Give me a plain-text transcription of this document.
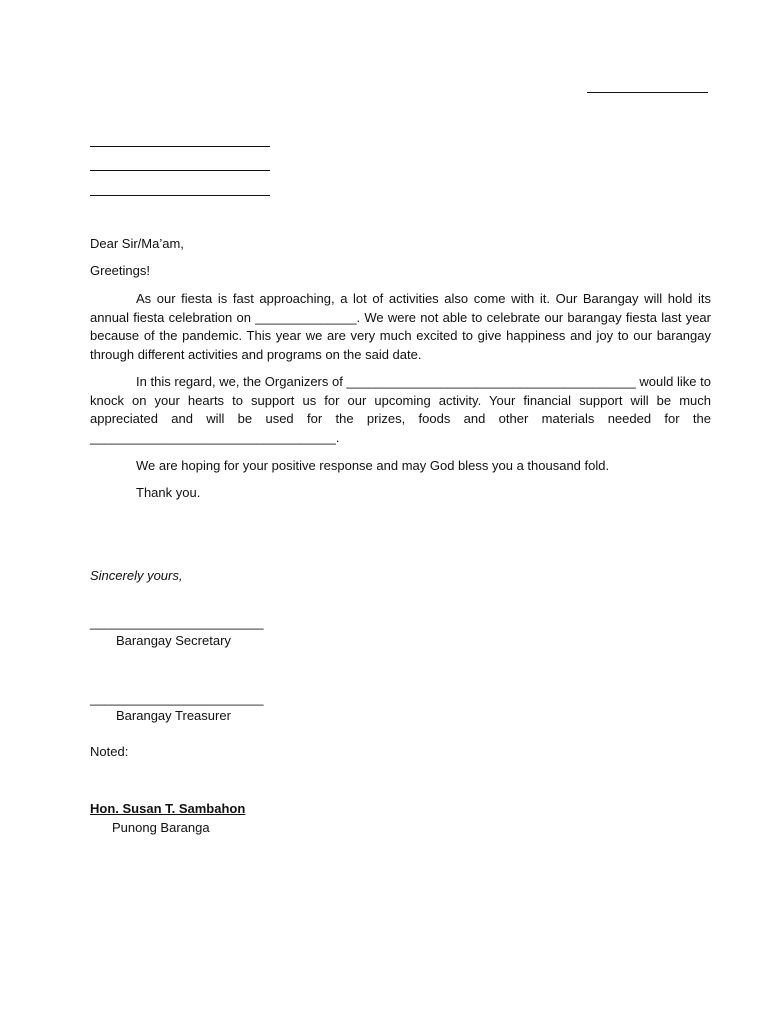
Dear Sir/Ma’am,
Greetings!

As our fiesta is fast approaching, a lot of activities also come with it. Our Barangay will hold its annual fiesta celebration on ______________. We were not able to celebrate our barangay fiesta last year because of the pandemic. This year we are very much excited to give happiness and joy to our barangay through different activities and programs on the said date.

In this regard, we, the Organizers of ________________________________________ would like to knock on your hearts to support us for our upcoming activity. Your financial support will be much appreciated and will be used for the prizes, foods and other materials needed for the __________________________________.

We are hoping for your positive response and may God bless you a thousand fold.

Thank you.

Sincerely yours,
________________________
Barangay Secretary
________________________
Barangay Treasurer
Noted:
Hon. Susan T. Sambahon
Punong Baranga
